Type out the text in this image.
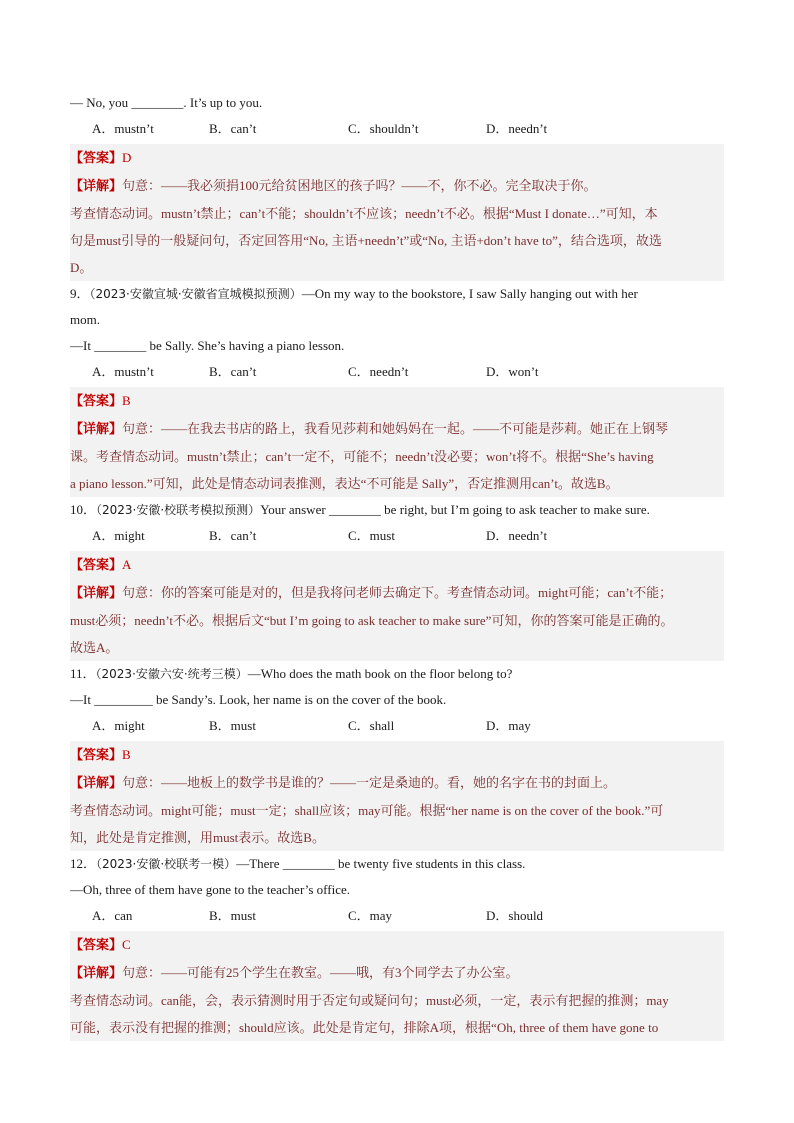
— No, you ________. It’s up to you.

A．mustn’t	B．can’t	C．shouldn’t	D．needn’t
【答案】D
【详解】句意：——我必须捐100元给贫困地区的孩子吗？——不，你不必。完全取决于你。
考查情态动词。mustn’t禁止；can’t不能；shouldn’t不应该；needn’t不必。根据“Must I donate…”可知，本
句是must引导的一般疑问句，否定回答用“No, 主语+needn’t”或“No, 主语+don’t have to”，结合选项，故选
D。

9．（2023·安徽宣城·安徽省宣城模拟预测）—On my way to the bookstore, I saw Sally hanging out with her

mom.

—It ________ be Sally. She’s having a piano lesson.

A．mustn’t	B．can’t	C．needn’t	D．won’t
【答案】B
【详解】句意：——在我去书店的路上，我看见莎莉和她妈妈在一起。——不可能是莎莉。她正在上钢琴
课。考查情态动词。mustn’t禁止；can’t一定不，可能不；needn’t没必要；won’t将不。根据“She’s having
a piano lesson.”可知，此处是情态动词表推测，表达“不可能是 Sally”，否定推测用can’t。故选B。

10．（2023·安徽·校联考模拟预测）Your answer ________ be right, but I’m going to ask teacher to make sure.

A．might	B．can’t	C．must	D．needn’t
【答案】A
【详解】句意：你的答案可能是对的，但是我将问老师去确定下。考查情态动词。might可能；can’t不能；
must必须；needn’t不必。根据后文“but I’m going to ask teacher to make sure”可知，你的答案可能是正确的。
故选A。

11．（2023·安徽六安·统考三模）—Who does the math book on the floor belong to?

—It _________ be Sandy’s. Look, her name is on the cover of the book.

A．might	B．must	C．shall	D．may
【答案】B
【详解】句意：——地板上的数学书是谁的？——一定是桑迪的。看，她的名字在书的封面上。
考查情态动词。might可能；must一定；shall应该；may可能。根据“her name is on the cover of the book.”可
知，此处是肯定推测，用must表示。故选B。

12．（2023·安徽·校联考一模）—There ________ be twenty five students in this class.

—Oh, three of them have gone to the teacher’s office.

A．can	B．must	C．may	D．should
【答案】C
【详解】句意：——可能有25个学生在教室。——哦，有3个同学去了办公室。
考查情态动词。can能，会，表示猜测时用于否定句或疑问句；must必须，一定，表示有把握的推测；may
可能，表示没有把握的推测；should应该。此处是肯定句，排除A项，根据“Oh, three of them have gone to
